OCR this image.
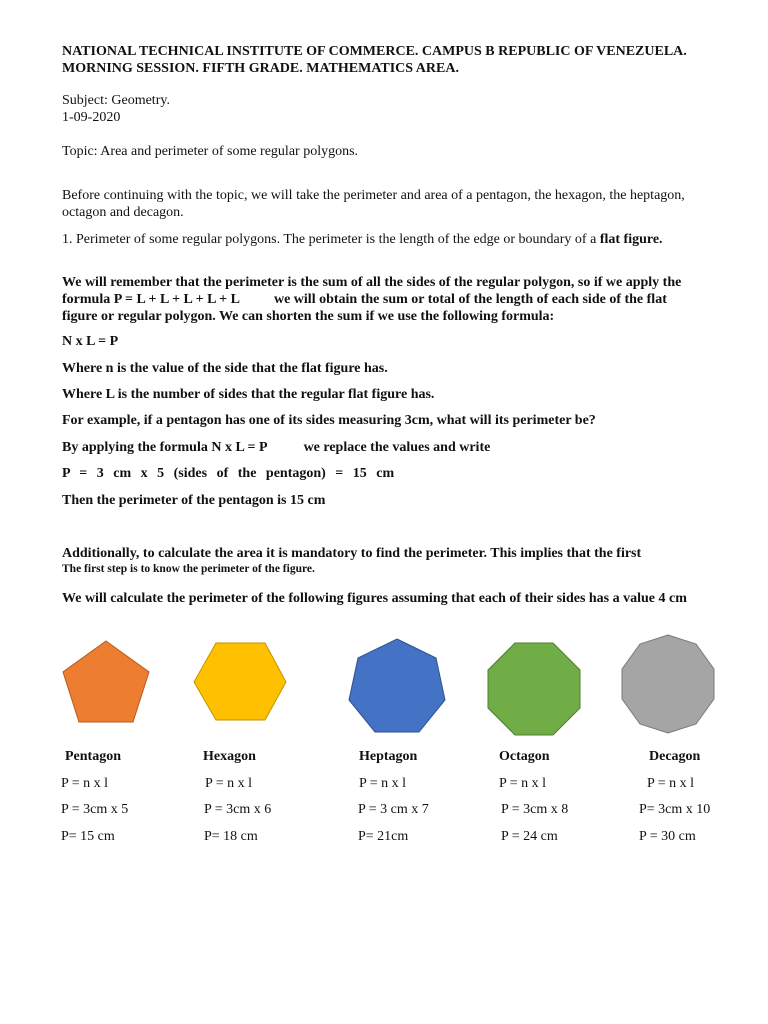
NATIONAL TECHNICAL INSTITUTE OF COMMERCE. CAMPUS B REPUBLIC OF VENEZUELA.
MORNING SESSION. FIFTH GRADE. MATHEMATICS AREA.

Subject: Geometry.

1-09-2020

Topic: Area and perimeter of some regular polygons.

Before continuing with the topic, we will take the perimeter and area of a pentagon, the hexagon, the heptagon, octagon and decagon.

1. Perimeter of some regular polygons. The perimeter is the length of the edge or boundary of a flat figure.

We will remember that the perimeter is the sum of all the sides of the regular polygon, so if we apply the formula P = L + L + L + L + L we will obtain the sum or total of the length of each side of the flat figure or regular polygon. We can shorten the sum if we use the following formula:

N x L = P

Where n is the value of the side that the flat figure has.

Where L is the number of sides that the regular flat figure has.

For example, if a pentagon has one of its sides measuring 3cm, what will its perimeter be?

By applying the formula N x L = P	we replace the values and write

P = 3 cm x 5 (sides of the pentagon) = 15 cm

Then the perimeter of the pentagon is 15 cm

Additionally, to calculate the area it is mandatory to find the perimeter. This implies that the first

The first step is to know the perimeter of the figure.

We will calculate the perimeter of the following figures assuming that each of their sides has a value 4 cm

Pentagon	Hexagon	Heptagon	Octagon	Decagon

P = n x l	P = n x l	P = n x l	P = n x l	P = n x l

P = 3cm x 5	P = 3cm x 6	P = 3 cm x 7	P = 3cm x 8	P= 3cm x 10

P= 15 cm	P= 18 cm	P= 21cm	P = 24 cm	P = 30 cm
